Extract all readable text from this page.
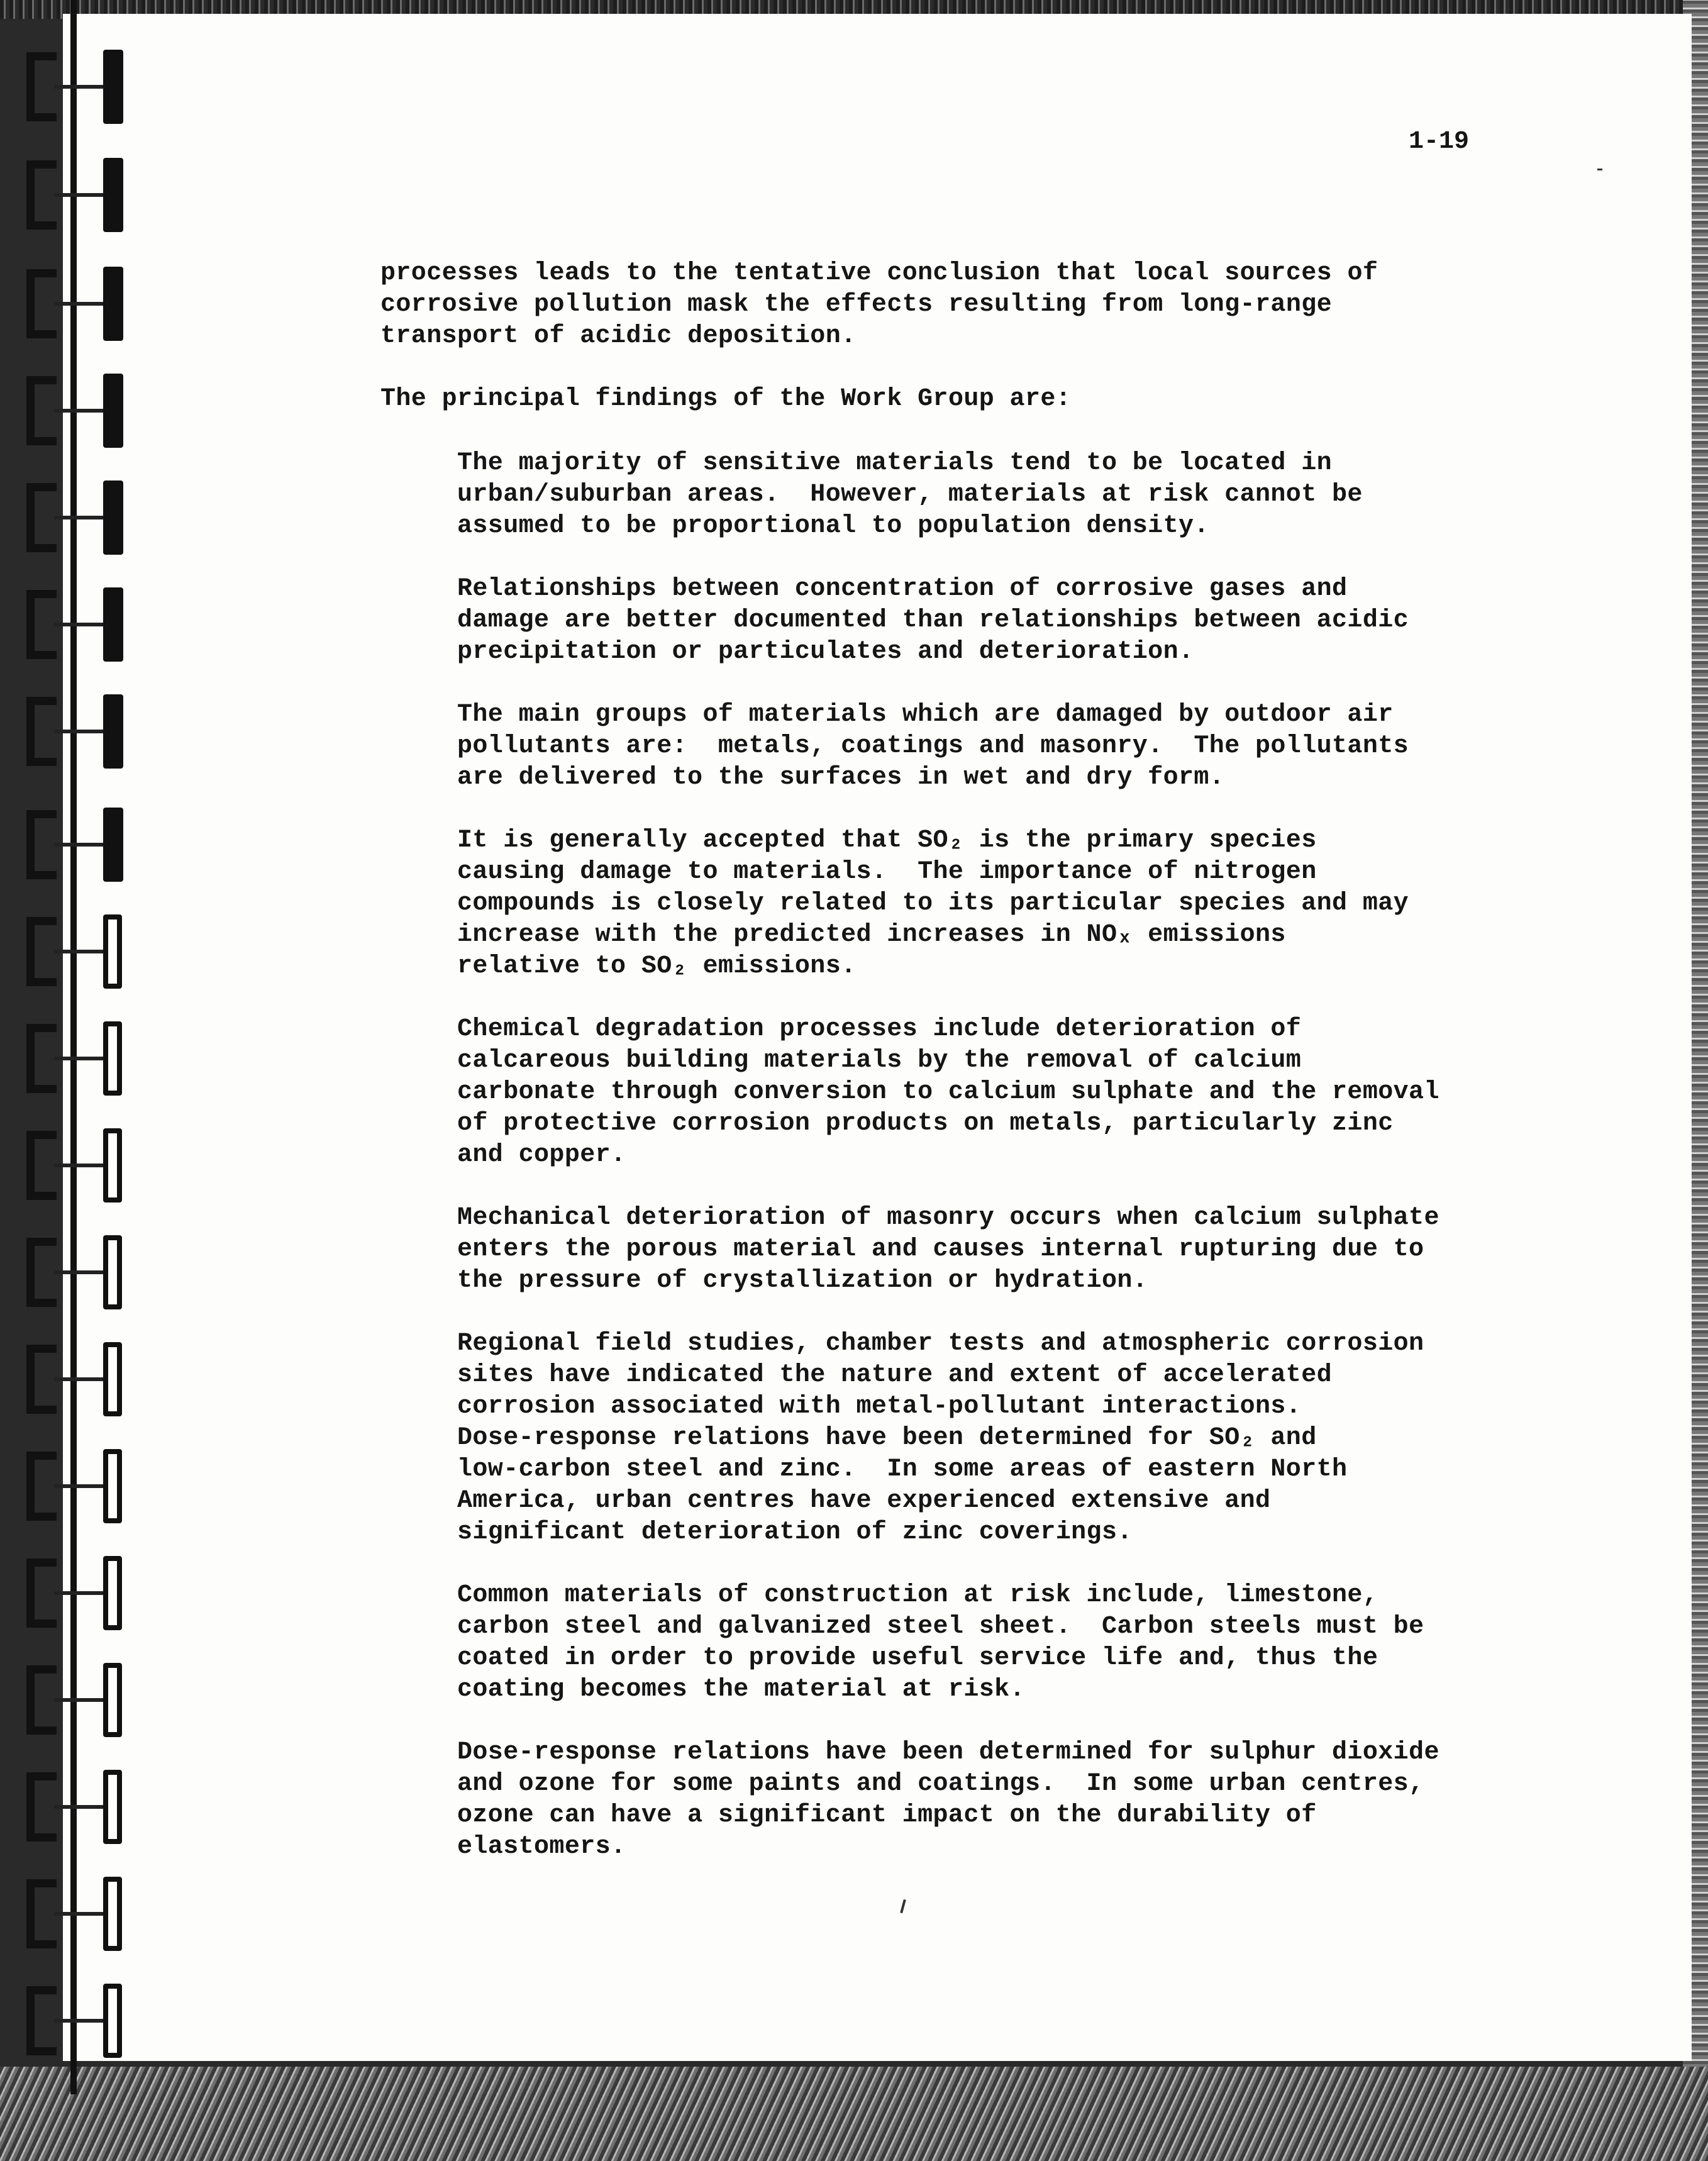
1-19
processes leads to the tentative conclusion that local sources of
corrosive pollution mask the effects resulting from long-range
transport of acidic deposition.
The principal findings of the Work Group are:
The majority of sensitive materials tend to be located in
urban/suburban areas.  However, materials at risk cannot be
assumed to be proportional to population density.
Relationships between concentration of corrosive gases and
damage are better documented than relationships between acidic
precipitation or particulates and deterioration.
The main groups of materials which are damaged by outdoor air
pollutants are:  metals, coatings and masonry.  The pollutants
are delivered to the surfaces in wet and dry form.
It is generally accepted that SO₂ is the primary species
causing damage to materials.  The importance of nitrogen
compounds is closely related to its particular species and may
increase with the predicted increases in NOₓ emissions
relative to SO₂ emissions.
Chemical degradation processes include deterioration of
calcareous building materials by the removal of calcium
carbonate through conversion to calcium sulphate and the removal
of protective corrosion products on metals, particularly zinc
and copper.
Mechanical deterioration of masonry occurs when calcium sulphate
enters the porous material and causes internal rupturing due to
the pressure of crystallization or hydration.
Regional field studies, chamber tests and atmospheric corrosion
sites have indicated the nature and extent of accelerated
corrosion associated with metal-pollutant interactions.
Dose-response relations have been determined for SO₂ and
low-carbon steel and zinc.  In some areas of eastern North
America, urban centres have experienced extensive and
significant deterioration of zinc coverings.
Common materials of construction at risk include, limestone,
carbon steel and galvanized steel sheet.  Carbon steels must be
coated in order to provide useful service life and, thus the
coating becomes the material at risk.
Dose-response relations have been determined for sulphur dioxide
and ozone for some paints and coatings.  In some urban centres,
ozone can have a significant impact on the durability of
elastomers.
